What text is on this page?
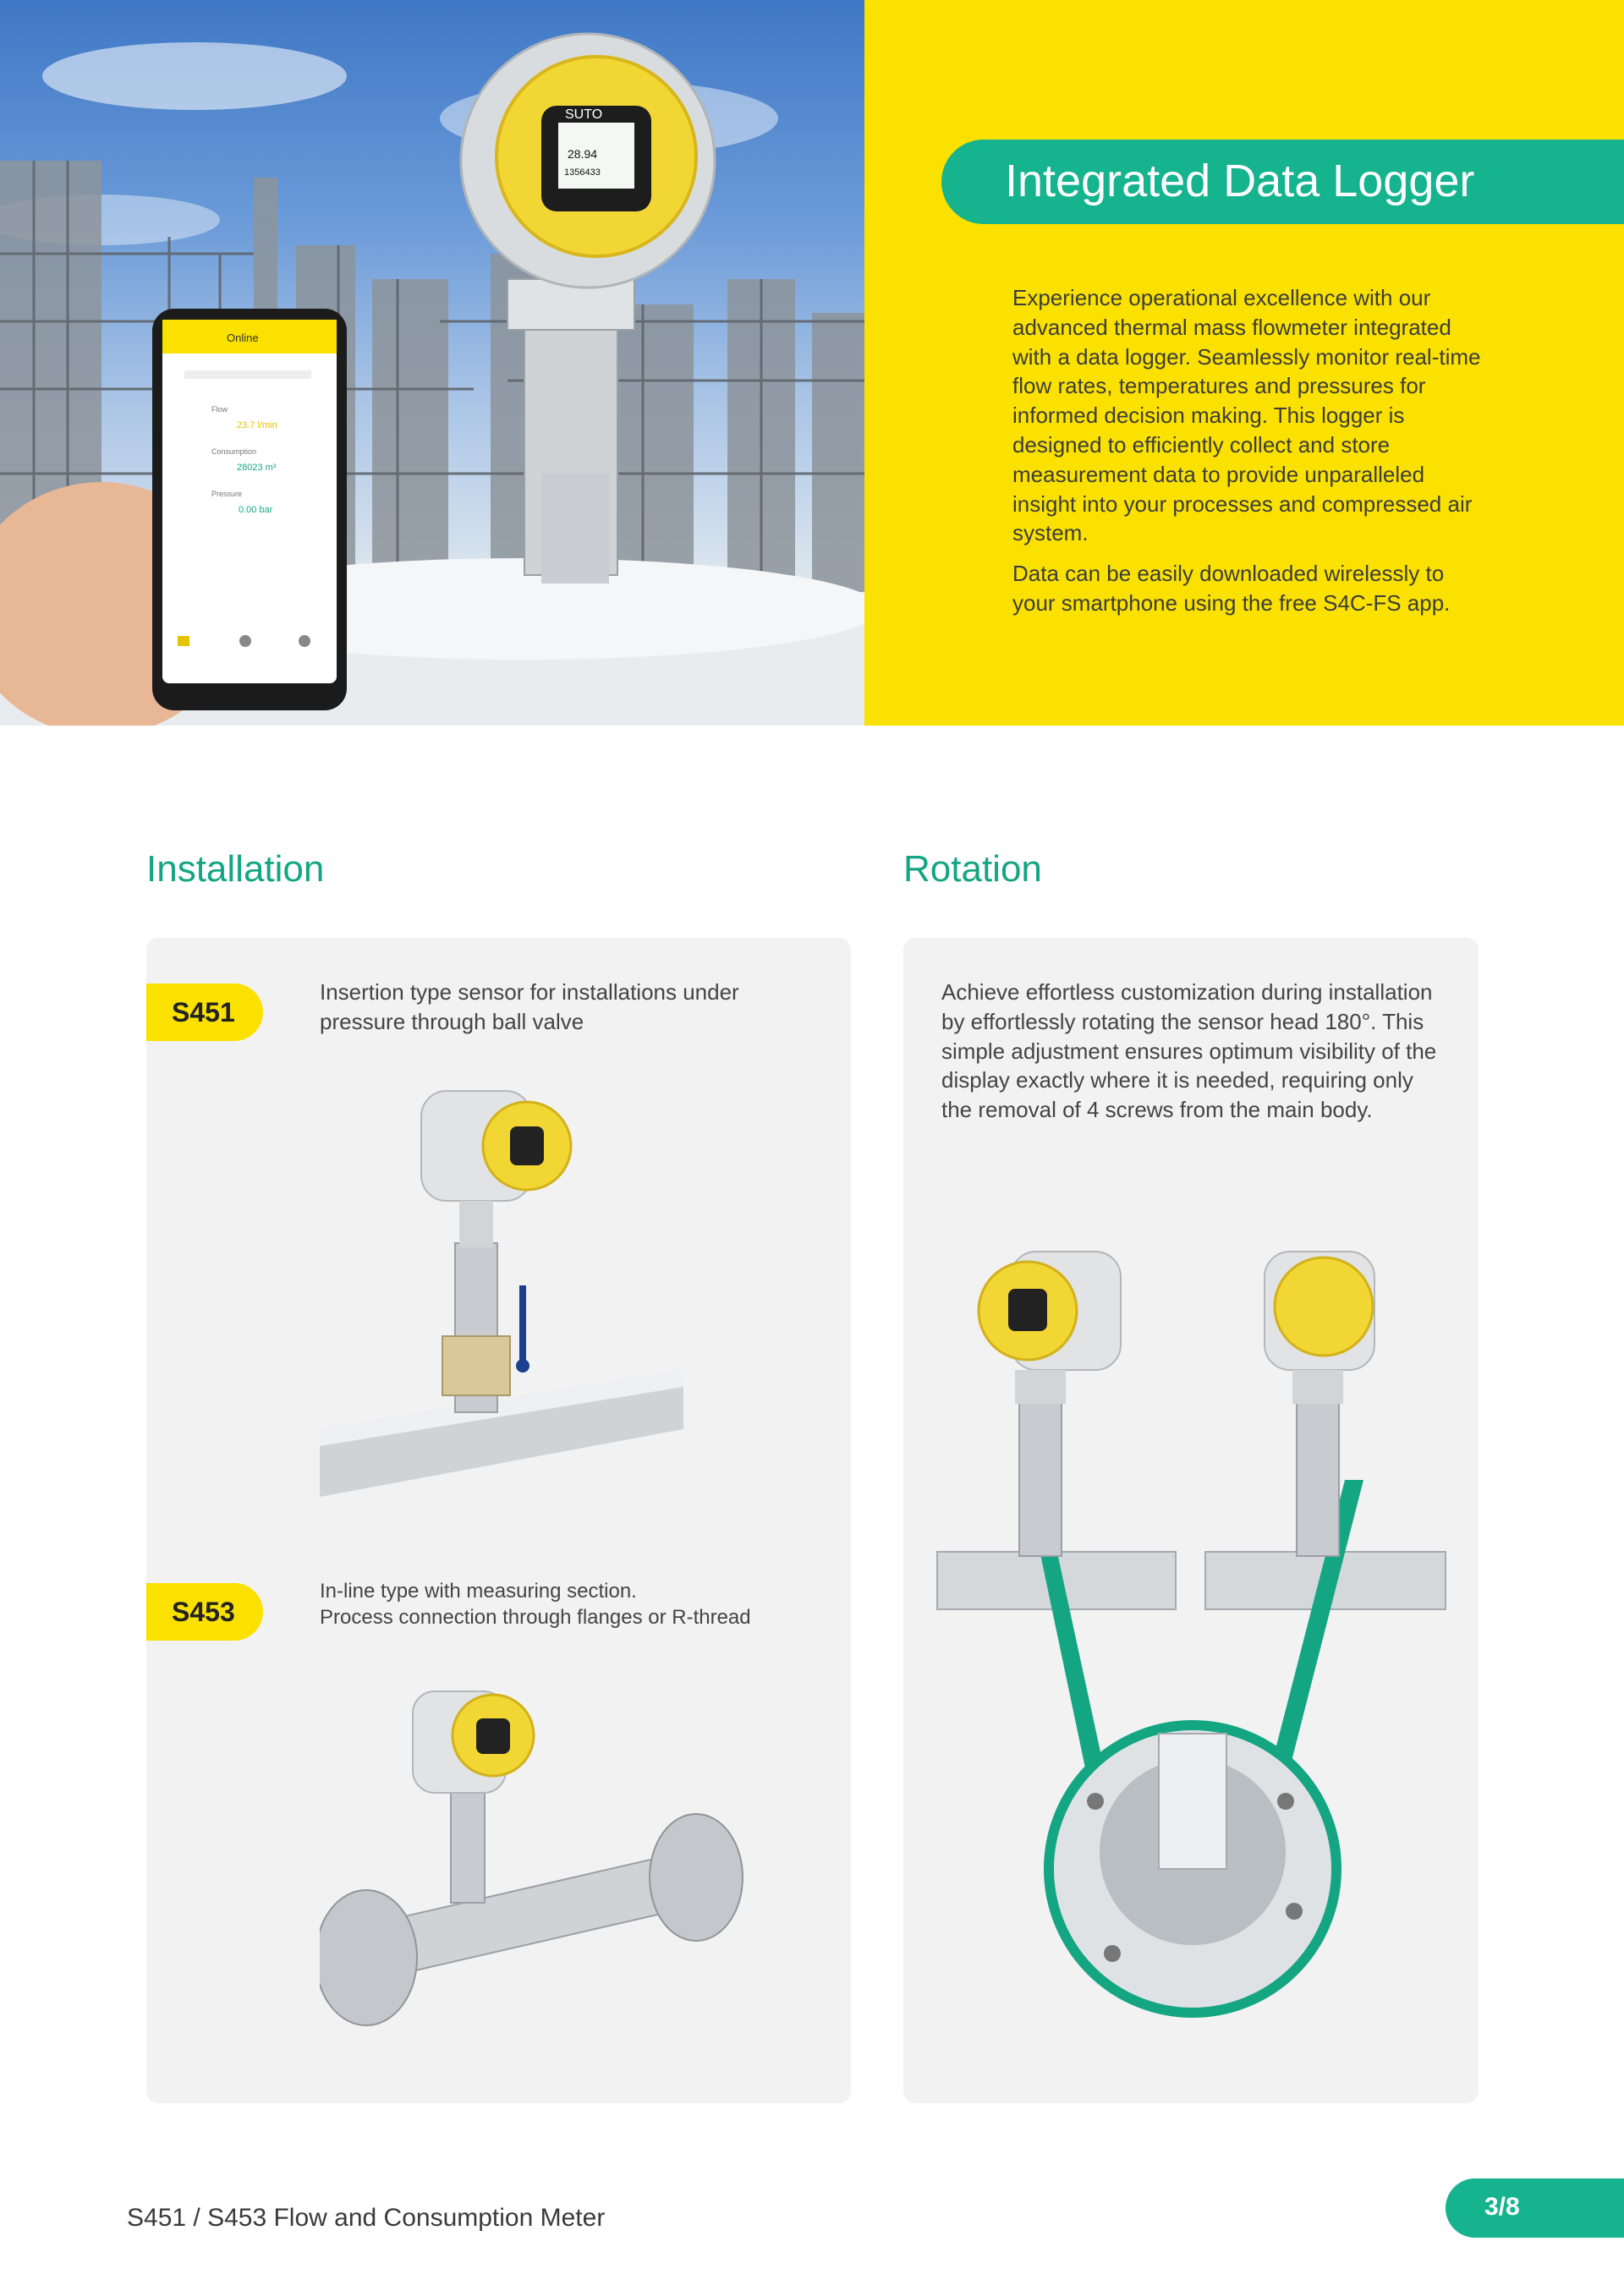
SUTO
28.94
1356433
Online
Flow
23.7 l/min
Consumption
28023 m³
Pressure
0.00 bar
Integrated Data Logger

Experience operational excellence with our advanced thermal mass flowmeter integrated with a data logger. Seamlessly monitor real-time flow rates, temperatures and pressures for informed decision making. This logger is designed to efficiently collect and store measurement data to provide unparalleled insight into your processes and compressed air system.

Data can be easily downloaded wirelessly to your smartphone using the free S4C-FS app.

Installation	Rotation
S451

Insertion type sensor for installations under pressure through ball valve

S453

In-line type with measuring section.

Process connection through flanges or R-thread

Achieve effortless customization during installation by effortlessly rotating the sensor head 180°. This simple adjustment ensures optimum visibility of the display exactly where it is needed, requiring only the removal of 4 screws from the main body.

S451 / S453 Flow and Consumption Meter	3/8
